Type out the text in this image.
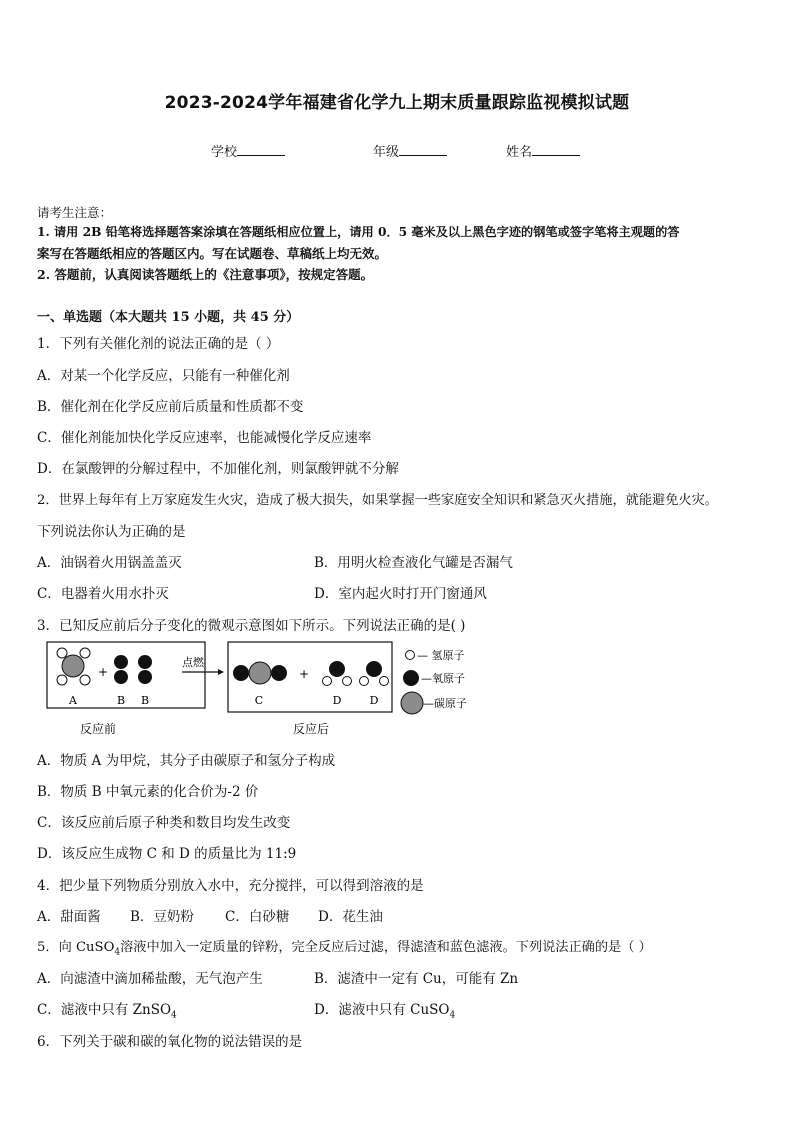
2023-2024学年福建省化学九上期末质量跟踪监视模拟试题
学校	年级	姓名
请考生注意：
1. 请用 2B 铅笔将选择题答案涂填在答题纸相应位置上，请用 0．5 毫米及以上黑色字迹的钢笔或签字笔将主观题的答
案写在答题纸相应的答题区内。写在试题卷、草稿纸上均无效。
2. 答题前，认真阅读答题纸上的《注意事项》，按规定答题。
一、单选题（本大题共 15 小题，共 45 分）
1．下列有关催化剂的说法正确的是（ ）
A．对某一个化学反应，只能有一种催化剂
B．催化剂在化学反应前后质量和性质都不变
C．催化剂能加快化学反应速率，也能减慢化学反应速率
D．在氯酸钾的分解过程中，不加催化剂，则氯酸钾就不分解
2．世界上每年有上万家庭发生火灾，造成了极大损失，如果掌握一些家庭安全知识和紧急灭火措施，就能避免火灾。
下列说法你认为正确的是
A．油锅着火用锅盖盖灭	B．用明火检查液化气罐是否漏气
C．电器着火用水扑灭	D．室内起火时打开门窗通风
3．已知反应前后分子变化的微观示意图如下所示。下列说法正确的是( )
A
+
B B
点燃
C
+
D	D
反应前	反应后
— 氢原子
—氧原子
—碳原子
A．物质 A 为甲烷，其分子由碳原子和氢分子构成
B．物质 B 中氧元素的化合价为-2 价
C．该反应前后原子种类和数目均发生改变
D．该反应生成物 C 和 D 的质量比为 11:9
4．把少量下列物质分别放入水中，充分搅拌，可以得到溶液的是
A．甜面酱 B．豆奶粉 C．白砂糖 D．花生油
5．向 CuSO$_4$溶液中加入一定质量的锌粉，完全反应后过滤，得滤渣和蓝色滤液。下列说法正确的是（ ）
A．向滤渣中滴加稀盐酸，无气泡产生	B．滤渣中一定有 Cu，可能有 Zn
C．滤液中只有 ZnSO$_4$	D．滤液中只有 CuSO$_4$
6．下列关于碳和碳的氧化物的说法错误的是
